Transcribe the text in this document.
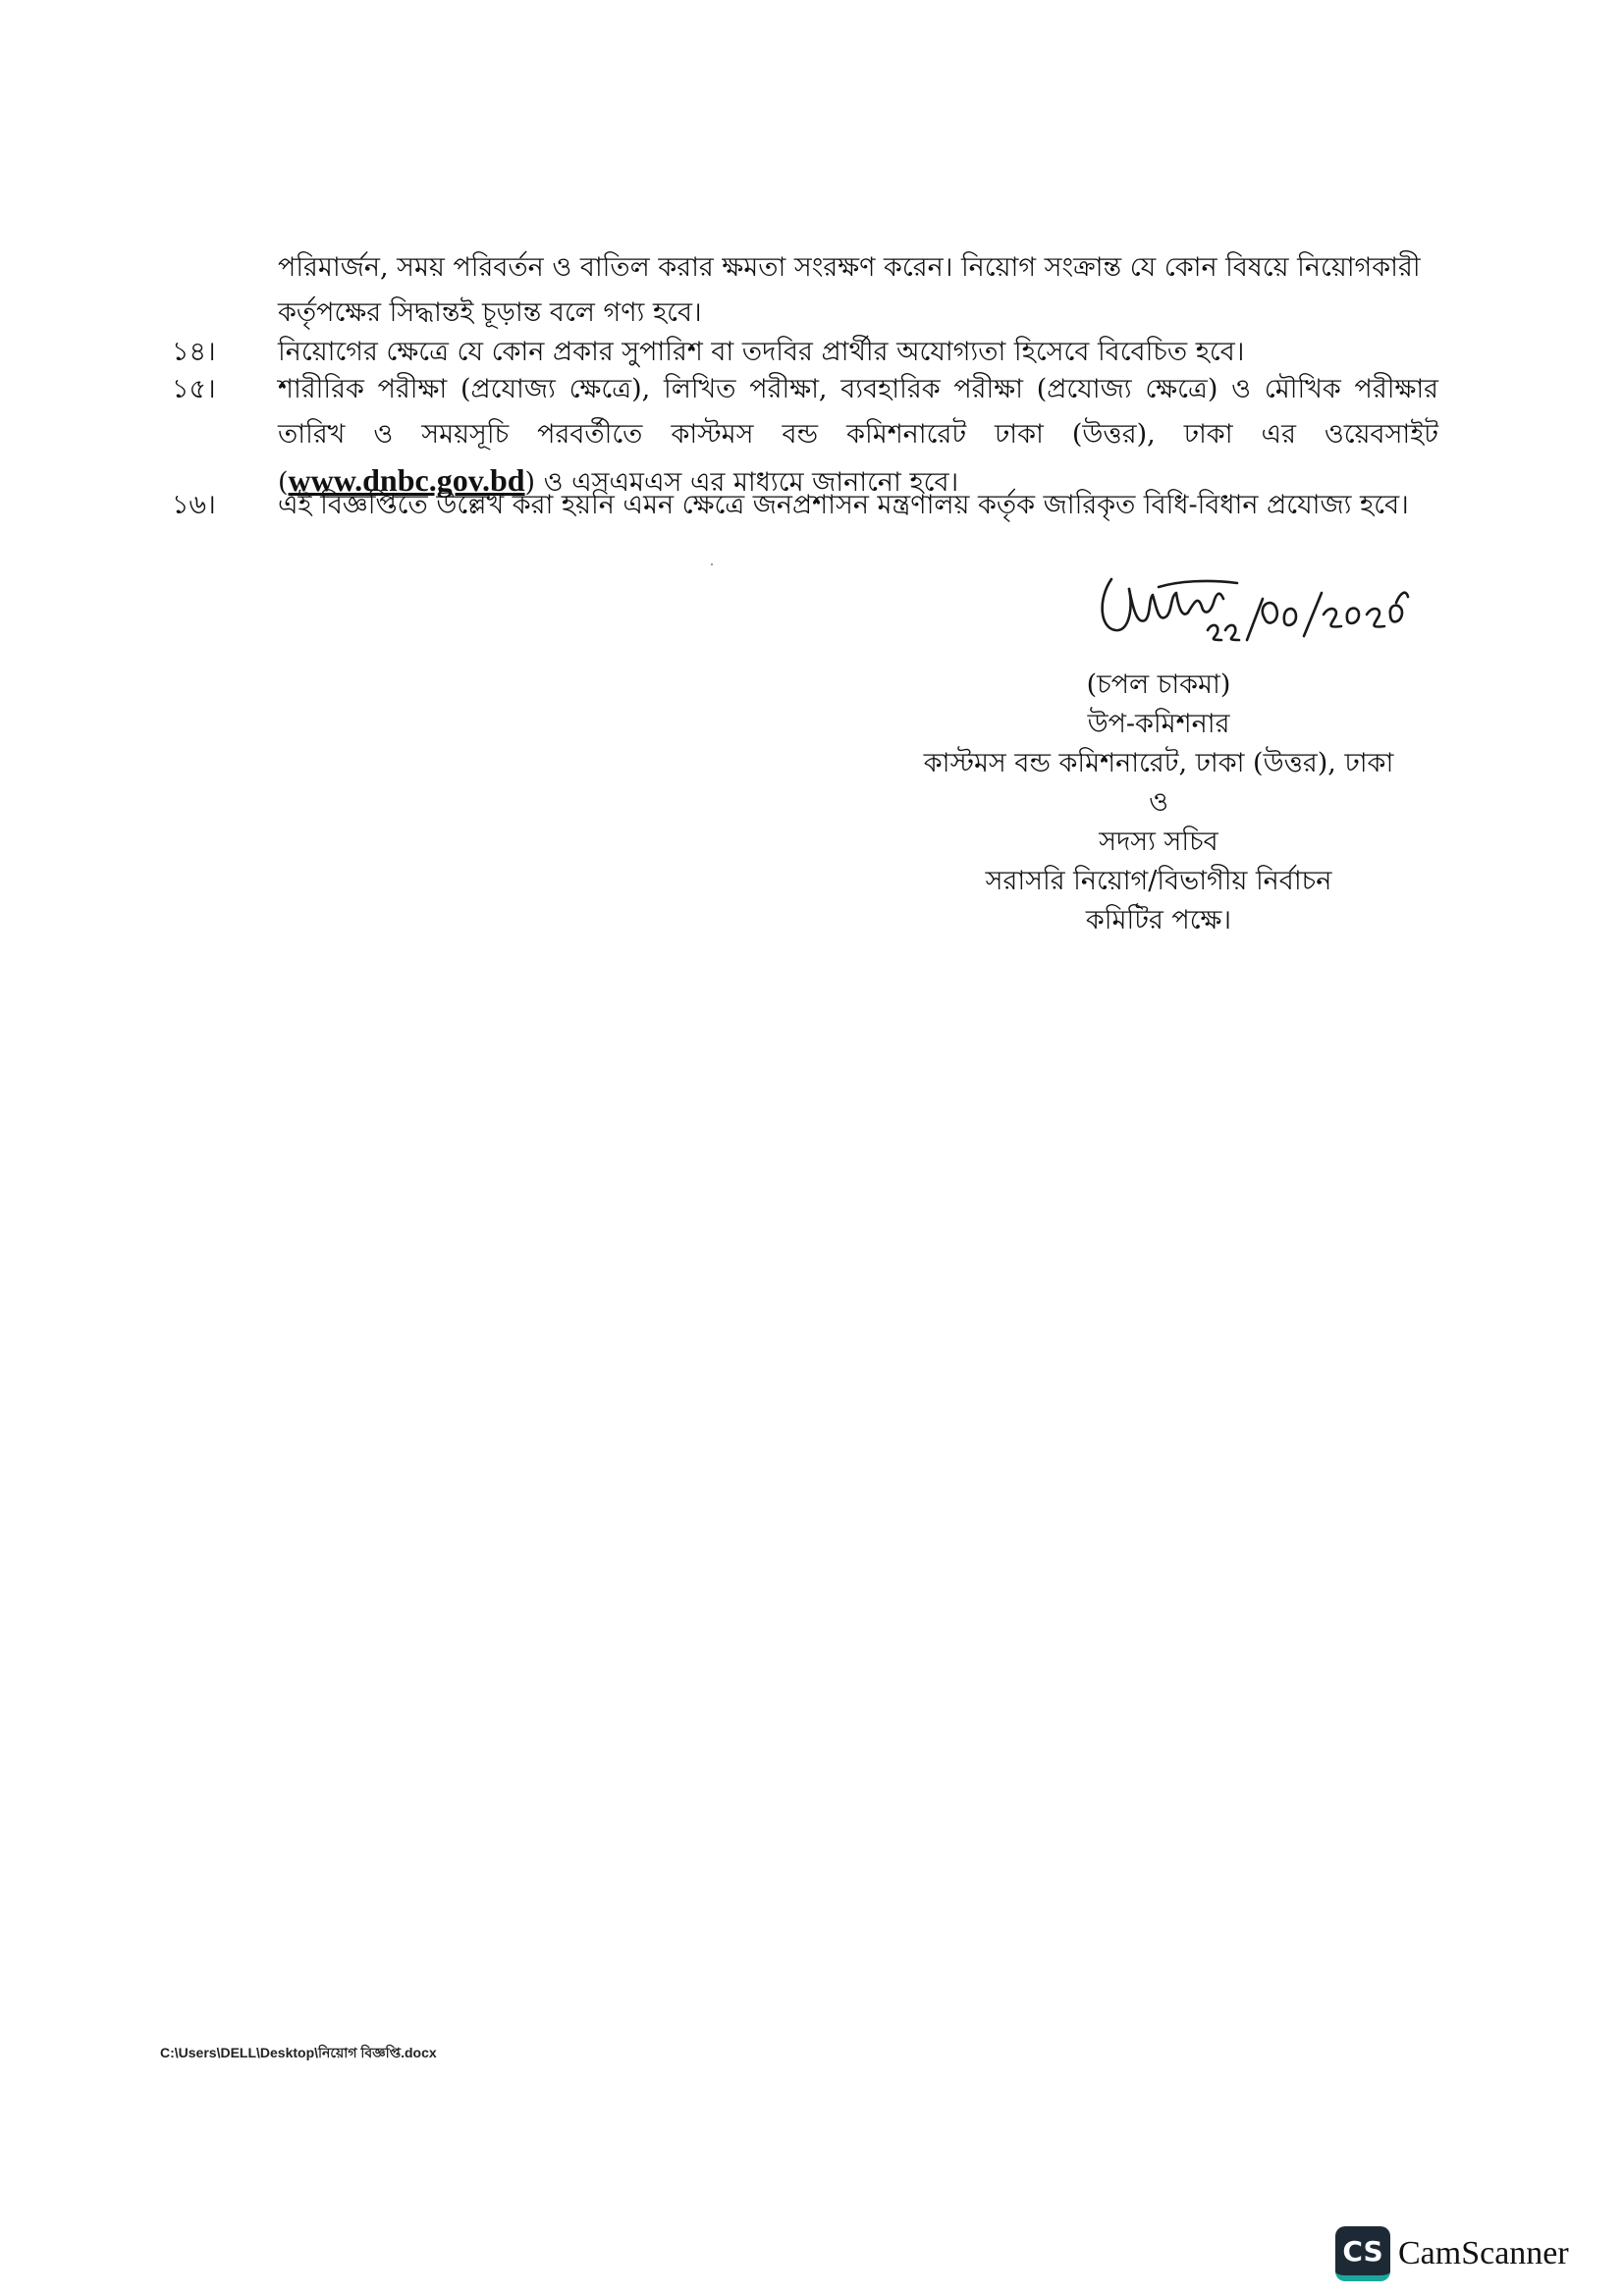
পরিমার্জন, সময় পরিবর্তন ও বাতিল করার ক্ষমতা সংরক্ষণ করেন। নিয়োগ সংক্রান্ত যে কোন বিষয়ে নিয়োগকারী কর্তৃপক্ষের সিদ্ধান্তই চূড়ান্ত বলে গণ্য হবে।
১৪।	নিয়োগের ক্ষেত্রে যে কোন প্রকার সুপারিশ বা তদবির প্রার্থীর অযোগ্যতা হিসেবে বিবেচিত হবে।
১৫।	শারীরিক পরীক্ষা (প্রযোজ্য ক্ষেত্রে), লিখিত পরীক্ষা, ব্যবহারিক পরীক্ষা (প্রযোজ্য ক্ষেত্রে) ও মৌখিক পরীক্ষার তারিখ ও সময়সূচি পরবর্তীতে কাস্টমস বন্ড কমিশনারেট ঢাকা (উত্তর), ঢাকা এর ওয়েবসাইট (www.dnbc.gov.bd) ও এসএমএস এর মাধ্যমে জানানো হবে।
১৬।	এই বিজ্ঞপ্তিতে উল্লেখ করা হয়নি এমন ক্ষেত্রে জনপ্রশাসন মন্ত্রণালয় কর্তৃক জারিকৃত বিধি-বিধান প্রযোজ্য হবে।
(চপল চাকমা)
উপ-কমিশনার
কাস্টমস বন্ড কমিশনারেট, ঢাকা (উত্তর), ঢাকা
ও
সদস্য সচিব
সরাসরি নিয়োগ/বিভাগীয় নির্বাচন
কমিটির পক্ষে।
C:\Users\DELL\Desktop\নিয়োগ বিজ্ঞপ্তি.docx
CS CamScanner
